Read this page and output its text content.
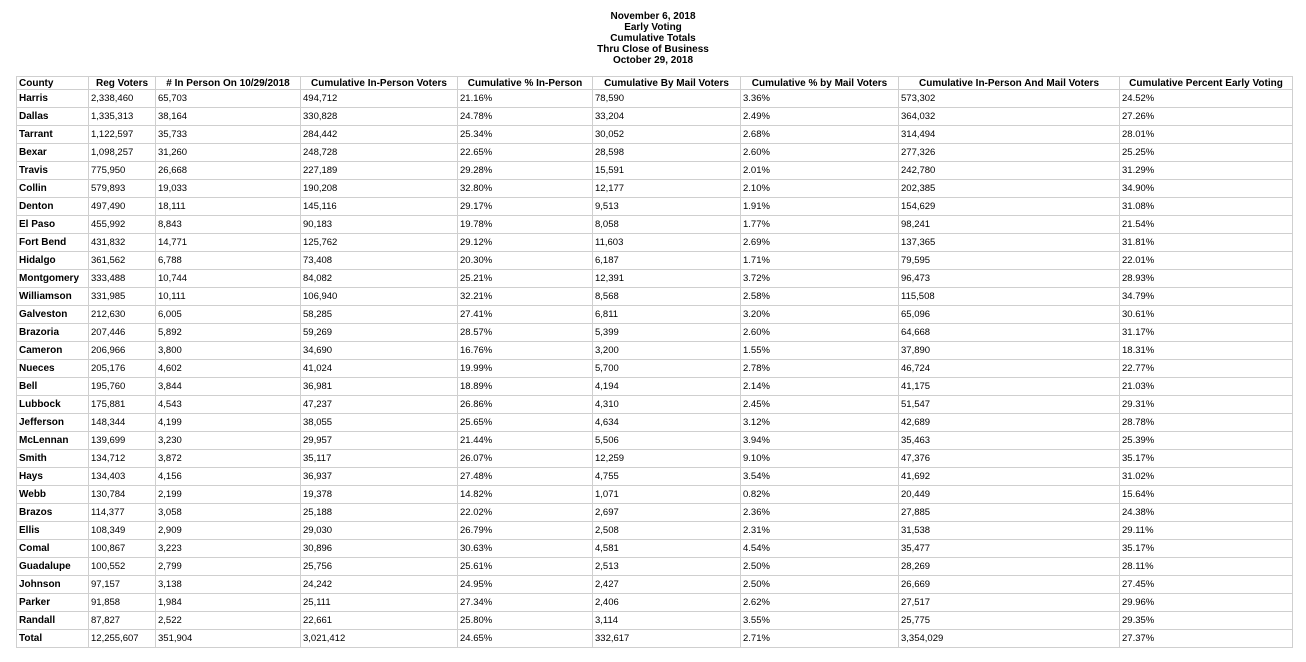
November 6, 2018
Early Voting
Cumulative Totals
Thru Close of Business
October 29, 2018
County	Reg Voters	# In Person On 10/29/2018	Cumulative In-Person Voters	Cumulative % In-Person	Cumulative By Mail Voters	Cumulative % by Mail Voters	Cumulative In-Person And Mail Voters	Cumulative Percent Early Voting
Harris	2,338,460	65,703	494,712	21.16%	78,590	3.36%	573,302	24.52%
Dallas	1,335,313	38,164	330,828	24.78%	33,204	2.49%	364,032	27.26%
Tarrant	1,122,597	35,733	284,442	25.34%	30,052	2.68%	314,494	28.01%
Bexar	1,098,257	31,260	248,728	22.65%	28,598	2.60%	277,326	25.25%
Travis	775,950	26,668	227,189	29.28%	15,591	2.01%	242,780	31.29%
Collin	579,893	19,033	190,208	32.80%	12,177	2.10%	202,385	34.90%
Denton	497,490	18,111	145,116	29.17%	9,513	1.91%	154,629	31.08%
El Paso	455,992	8,843	90,183	19.78%	8,058	1.77%	98,241	21.54%
Fort Bend	431,832	14,771	125,762	29.12%	11,603	2.69%	137,365	31.81%
Hidalgo	361,562	6,788	73,408	20.30%	6,187	1.71%	79,595	22.01%
Montgomery	333,488	10,744	84,082	25.21%	12,391	3.72%	96,473	28.93%
Williamson	331,985	10,111	106,940	32.21%	8,568	2.58%	115,508	34.79%
Galveston	212,630	6,005	58,285	27.41%	6,811	3.20%	65,096	30.61%
Brazoria	207,446	5,892	59,269	28.57%	5,399	2.60%	64,668	31.17%
Cameron	206,966	3,800	34,690	16.76%	3,200	1.55%	37,890	18.31%
Nueces	205,176	4,602	41,024	19.99%	5,700	2.78%	46,724	22.77%
Bell	195,760	3,844	36,981	18.89%	4,194	2.14%	41,175	21.03%
Lubbock	175,881	4,543	47,237	26.86%	4,310	2.45%	51,547	29.31%
Jefferson	148,344	4,199	38,055	25.65%	4,634	3.12%	42,689	28.78%
McLennan	139,699	3,230	29,957	21.44%	5,506	3.94%	35,463	25.39%
Smith	134,712	3,872	35,117	26.07%	12,259	9.10%	47,376	35.17%
Hays	134,403	4,156	36,937	27.48%	4,755	3.54%	41,692	31.02%
Webb	130,784	2,199	19,378	14.82%	1,071	0.82%	20,449	15.64%
Brazos	114,377	3,058	25,188	22.02%	2,697	2.36%	27,885	24.38%
Ellis	108,349	2,909	29,030	26.79%	2,508	2.31%	31,538	29.11%
Comal	100,867	3,223	30,896	30.63%	4,581	4.54%	35,477	35.17%
Guadalupe	100,552	2,799	25,756	25.61%	2,513	2.50%	28,269	28.11%
Johnson	97,157	3,138	24,242	24.95%	2,427	2.50%	26,669	27.45%
Parker	91,858	1,984	25,111	27.34%	2,406	2.62%	27,517	29.96%
Randall	87,827	2,522	22,661	25.80%	3,114	3.55%	25,775	29.35%
Total	12,255,607	351,904	3,021,412	24.65%	332,617	2.71%	3,354,029	27.37%
